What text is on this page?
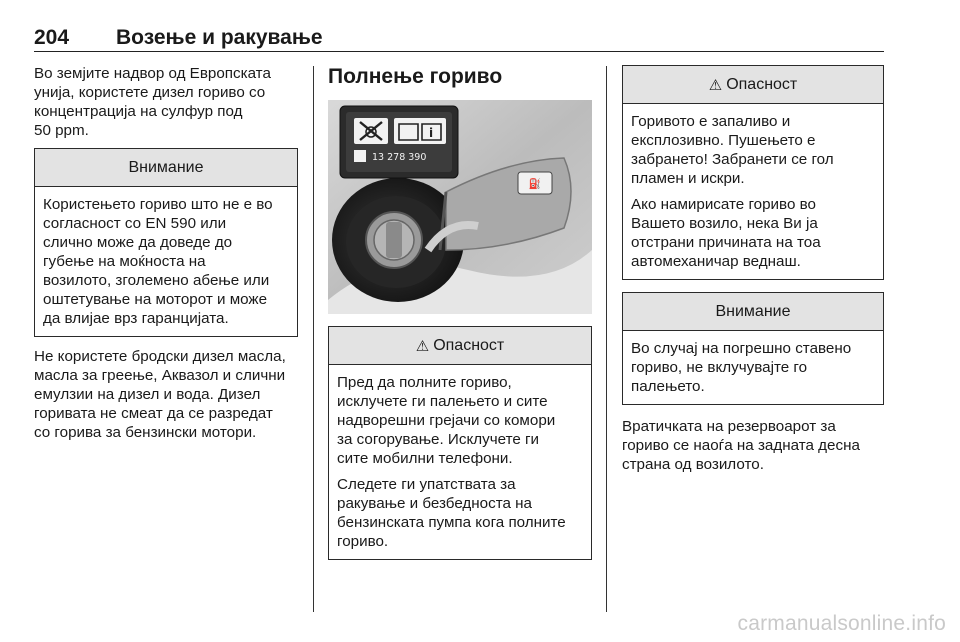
204 Возење и ракување

Во земјите надвор од Европската
унија, користете дизел гориво со
концентрација на сулфур под
50 ppm.

Внимание

Користењето гориво што не е во
согласност со EN 590 или
слично може да доведе до
губење на моќноста на
возилото, зголемено абење или
оштетување на моторот и може
да влијае врз гаранцијата.

Не користете бродски дизел масла,
масла за греење, Аквазол и слични
емулзии на дизел и вода. Дизел
горивата не смеат да се разредат
со горива за бензински мотори.

Полнење гориво
⛽
i
13 278 390
⚠ Опасност

Пред да полните гориво,
исклучете ги палењето и сите
надворешни грејачи со комори
за согорување. Исклучете ги
сите мобилни телефони.

Следете ги упатствата за
ракување и безбедноста на
бензинската пумпа кога полните
гориво.

⚠ Опасност

Горивото е запаливо и
експлозивно. Пушењето е
забрането! Забранети се гол
пламен и искри.

Ако намирисате гориво во
Вашето возило, нека Ви ја
отстрани причината на тоа
автомеханичар веднаш.

Внимание

Во случај на погрешно ставено
гориво, не вклучувајте го
палењето.

Вратичката на резервоарот за
гориво се наоѓа на задната десна
страна од возилото.

carmanualsonline.info
